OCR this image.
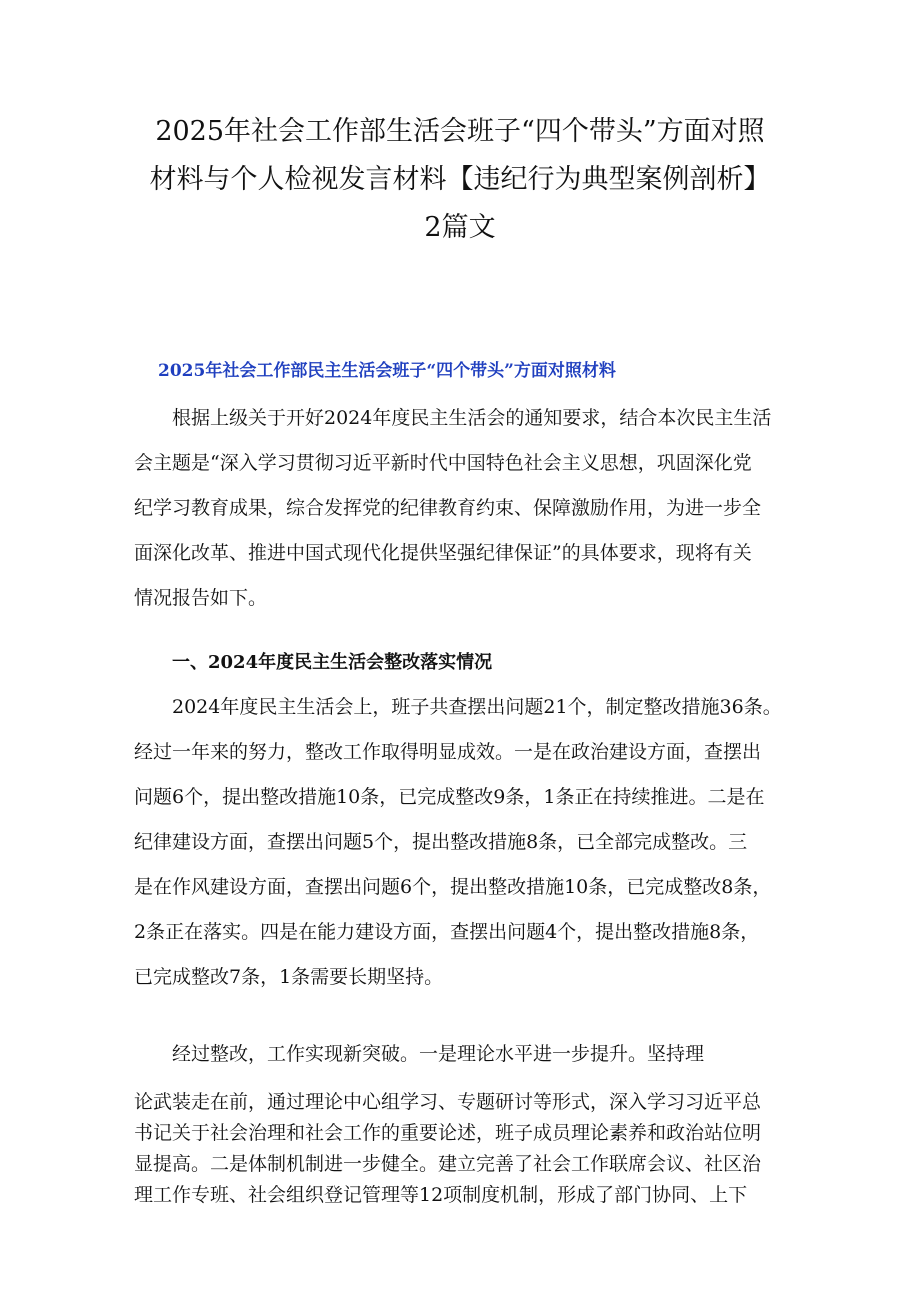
2025年社会工作部生活会班子“四个带头”方面对照
材料与个人检视发言材料【违纪行为典型案例剖析】
2篇文
2025年社会工作部民主生活会班子“四个带头”方面对照材料
　　根据上级关于开好2024年度民主生活会的通知要求，结合本次民主生活
会主题是“深入学习贯彻习近平新时代中国特色社会主义思想，巩固深化党
纪学习教育成果，综合发挥党的纪律教育约束、保障激励作用，为进一步全
面深化改革、推进中国式现代化提供坚强纪律保证”的具体要求，现将有关
情况报告如下。
一、2024年度民主生活会整改落实情况
　　2024年度民主生活会上，班子共查摆出问题21个，制定整改措施36条。
经过一年来的努力，整改工作取得明显成效。一是在政治建设方面，查摆出
问题6个，提出整改措施10条，已完成整改9条，1条正在持续推进。二是在
纪律建设方面，查摆出问题5个，提出整改措施8条，已全部完成整改。三
是在作风建设方面，查摆出问题6个，提出整改措施10条，已完成整改8条，
2条正在落实。四是在能力建设方面，查摆出问题4个，提出整改措施8条，
已完成整改7条，1条需要长期坚持。
经过整改，工作实现新突破。一是理论水平进一步提升。坚持理
论武装走在前，通过理论中心组学习、专题研讨等形式，深入学习习近平总
书记关于社会治理和社会工作的重要论述，班子成员理论素养和政治站位明
显提高。二是体制机制进一步健全。建立完善了社会工作联席会议、社区治
理工作专班、社会组织登记管理等12项制度机制，形成了部门协同、上下
